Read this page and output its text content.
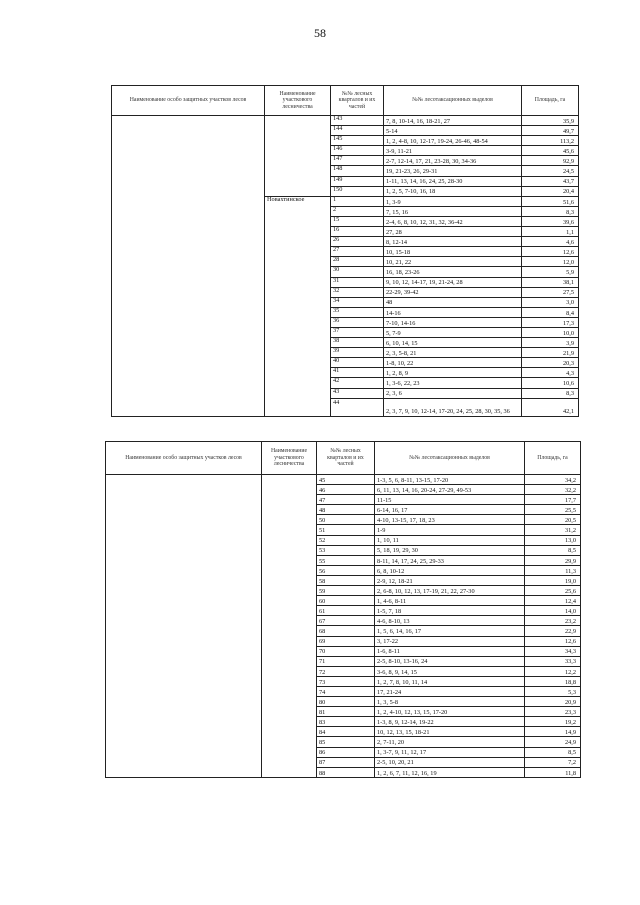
58
Наименование особо защитных участков лесов	Наименование участкового лесничества	№№ лесных кварталов и их частей	№№ лесотаксационных выделов	Площадь, га
		143	7, 8, 10-14, 16, 18-21, 27	35,9
		144	5-14	49,7
		145	1, 2, 4-8, 10, 12-17, 19-24, 26-46, 48-54	113,2
		146	3-9, 11-21	45,6
		147	2-7, 12-14, 17, 21, 23-28, 30, 34-36	92,9
		148	19, 21-23, 26, 29-31	24,5
		149	1-11, 13, 14, 16, 24, 25, 28-30	43,7
		150	1, 2, 5, 7-10, 16, 18	20,4
	Новахтинское	1	1, 3-9	51,6
		2	7, 15, 16	8,3
		15	2-4, 6, 8, 10, 12, 31, 32, 36-42	39,6
		16	27, 28	1,1
		26	8, 12-14	4,6
		27	10, 15-18	12,6
		28	10, 21, 22	12,0
		30	16, 18, 23-26	5,9
		31	9, 10, 12, 14-17, 19, 21-24, 28	38,1
		32	22-29, 39-42	27,5
		34	48	3,0
		35	14-16	8,4
		36	7-10, 14-16	17,3
		37	5, 7-9	10,0
		38	6, 10, 14, 15	3,9
		39	2, 3, 5-8, 21	21,9
		40	1-8, 10, 22	20,3
		41	1, 2, 8, 9	4,3
		42	1, 3-6, 22, 23	10,6
		43	2, 3, 6	8,3
		44	2, 3, 7, 9, 10, 12-14, 17-20, 24, 25, 28, 30, 35, 36	42,1
Наименование особо защитных участков лесов	Наименование участкового лесничества	№№ лесных кварталов и их частей	№№ лесотаксационных выделов	Площадь, га
		45	1-3, 5, 6, 8-11, 13-15, 17-20	34,2
		46	6, 11, 13, 14, 16, 20-24, 27-29, 49-53	32,2
		47	11-15	17,7
		48	6-14, 16, 17	25,5
		50	4-10, 13-15, 17, 18, 23	20,5
		51	1-9	31,2
		52	1, 10, 11	13,0
		53	5, 18, 19, 29, 30	8,5
		55	8-11, 14, 17, 24, 25, 29-33	29,9
		56	6, 8, 10-12	11,3
		58	2-9, 12, 18-21	19,0
		59	2, 6-8, 10, 12, 13, 17-19, 21, 22, 27-30	25,6
		60	1, 4-6, 8-11	12,4
		61	1-5, 7, 18	14,0
		67	4-6, 8-10, 13	23,2
		68	1, 5, 6, 14, 16, 17	22,9
		69	3, 17-22	12,6
		70	1-6, 8-11	34,3
		71	2-5, 8-10, 13-16, 24	33,3
		72	3-6, 8, 9, 14, 15	12,2
		73	1, 2, 7, 8, 10, 11, 14	18,8
		74	17, 21-24	5,3
		80	1, 3, 5-8	20,9
		81	1, 2, 4-10, 12, 13, 15, 17-20	23,3
		83	1-3, 8, 9, 12-14, 19-22	19,2
		84	10, 12, 13, 15, 18-21	14,9
		85	2, 7-11, 20	24,9
		86	1, 3-7, 9, 11, 12, 17	8,5
		87	2-5, 10, 20, 21	7,2
		88	1, 2, 6, 7, 11, 12, 16, 19	11,8
